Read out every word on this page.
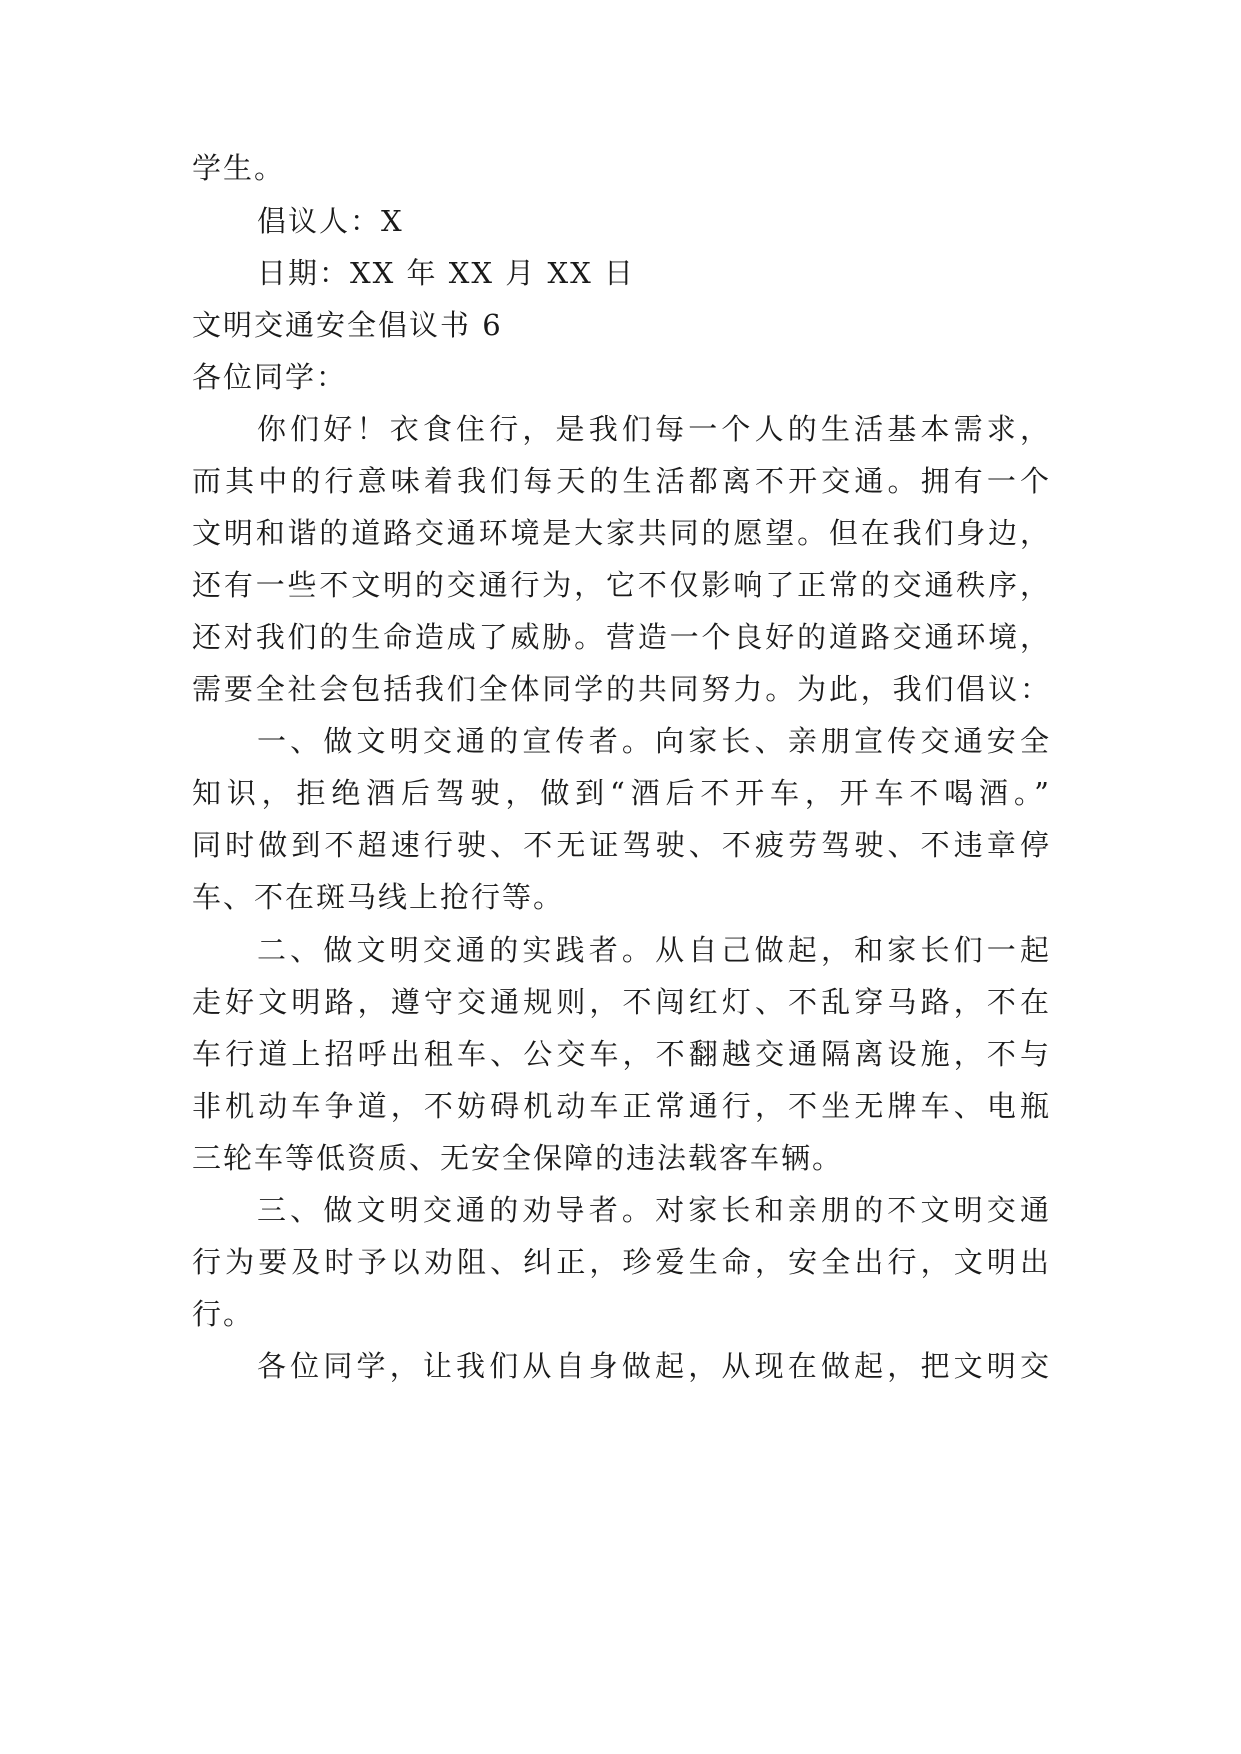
学生。
倡议人：X
日期：XX 年 XX 月 XX 日
文明交通安全倡议书 6
各位同学：
你们好！衣食住行，是我们每一个人的生活基本需求，
而其中的行意味着我们每天的生活都离不开交通。拥有一个
文明和谐的道路交通环境是大家共同的愿望。但在我们身边，
还有一些不文明的交通行为，它不仅影响了正常的交通秩序，
还对我们的生命造成了威胁。营造一个良好的道路交通环境，
需要全社会包括我们全体同学的共同努力。为此，我们倡议：
一、做文明交通的宣传者。向家长、亲朋宣传交通安全
知识，拒绝酒后驾驶，做到“酒后不开车，开车不喝酒。”
同时做到不超速行驶、不无证驾驶、不疲劳驾驶、不违章停
车、不在斑马线上抢行等。
二、做文明交通的实践者。从自己做起，和家长们一起
走好文明路，遵守交通规则，不闯红灯、不乱穿马路，不在
车行道上招呼出租车、公交车，不翻越交通隔离设施，不与
非机动车争道，不妨碍机动车正常通行，不坐无牌车、电瓶
三轮车等低资质、无安全保障的违法载客车辆。
三、做文明交通的劝导者。对家长和亲朋的不文明交通
行为要及时予以劝阻、纠正，珍爱生命，安全出行，文明出
行。
各位同学，让我们从自身做起，从现在做起，把文明交
